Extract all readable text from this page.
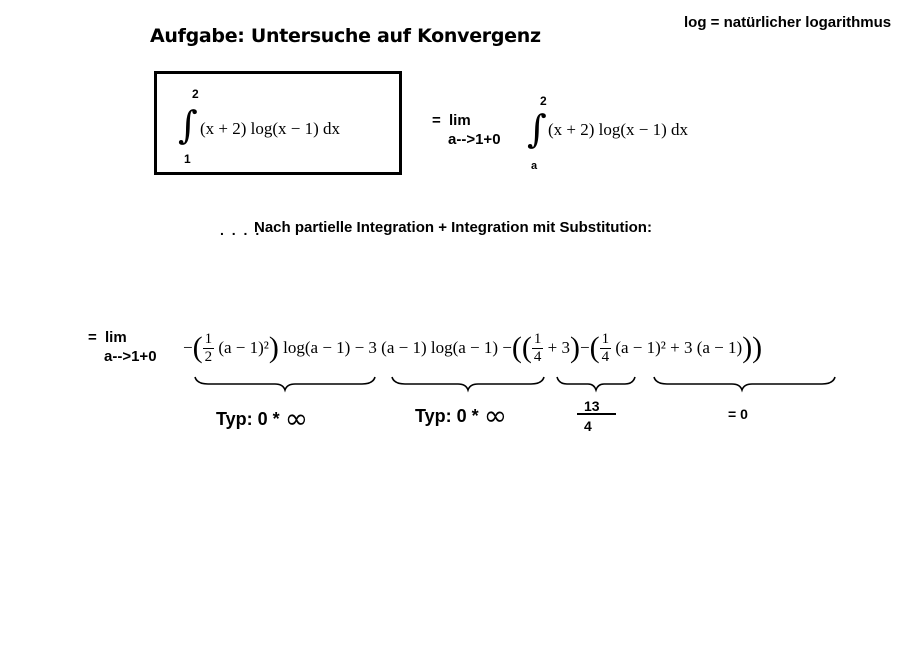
Aufgabe: Untersuche auf Konvergenz
log = natürlicher logarithmus
2
∫ (x + 2) log(x − 1) dx
1
= lim
a-->1+0
2
∫ (x + 2) log(x − 1) dx
a
. . . .
Nach partielle Integration + Integration mit Substitution:
= lim
a-->1+0 − ( $\frac{1}{2}$
(a − 1)² )
log(a − 1) − 3 (a − 1) log(a − 1) − (( $\frac{1}{4}$
+ 3 ) − ( $\frac{1}{4}$
(a − 1)² + 3 (a − 1) ))
Typ: 0 * ∞	Typ: 0 * ∞	13
4
= 0
